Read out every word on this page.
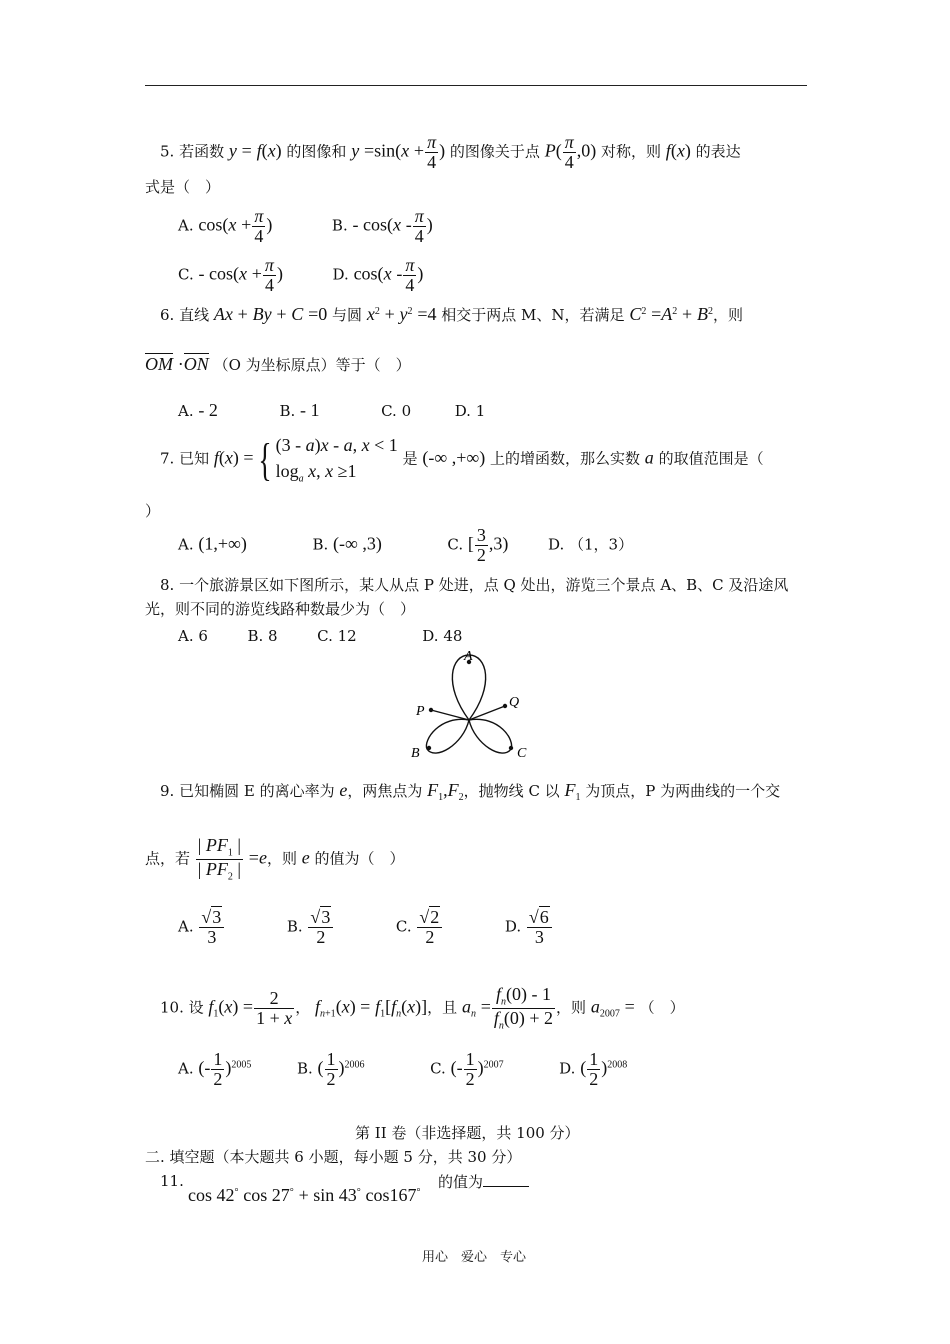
5. 若函数 y = f(x) 的图像和 $y =\sin(x + \frac{\pi}{4}$ ) 的图像关于点 $P( \frac{\pi}{4} ,0)$ 对称，则 f(x) 的表达
式是（　）
A. $\cos(x + \frac{\pi}{4}$ )	B. - $\cos(x - \frac{\pi}{4}$ )
C. - $\cos(x + \frac{\pi}{4}$ )	D. $\cos(x - \frac{\pi}{4}$ )
6. 直线 Ax + By + C =0 与圆 $x^2 + y^2 =4$ 相交于两点 M、N，若满足 $C^2 =A^2 + B^2$，则
OM ·ON （O 为坐标原点）等于（　）
A. - 2	B. - 1	C. 0	D. 1
7. 已知 f(x) ={ (3 - a)x - a, x < 1
$\log_a x$, x ≥1
是 (-∞ ,+∞) 上的增函数，那么实数 a 的取值范围是（
）
A. (1,+∞)	B. (-∞ ,3)	C. [ $\frac{3}{2} ,3$)	D. （1，3）
8. 一个旅游景区如下图所示，某人从点 P 处进，点 Q 处出，游览三个景点 A、B、C 及沿途风
光，则不同的游览线路种数最少为（　）
A. 6	B. 8	C. 12	D. 48
A
P
Q
B	C
9. 已知椭圆 E 的离心率为 e，两焦点为 $F_1,F_2$，抛物线 C 以 $F_1$ 为顶点，P 为两曲线的一个交
点，若 $\frac{| PF_1 |}{| PF_2 |} =e$，则 e 的值为（　）
A. $\frac{√3}{3}$	B. $\frac{√3}{2}$	C. $\frac{√2}{2}$	D. $\frac{√6}{3}$
10. 设 $f_1(x) = \frac{2}{1 + x}$ ， $f_{n+1}(x) = f_1[f_n(x)]$，且 $a_n = \frac{f_n(0) - 1}{f_n(0) + 2}$ ，则 $a_{2007}$ = （　）
A. (- $\frac{1}{2} )^{2005}$	B. ( $\frac{1}{2} )^{2006}$	C. (- $\frac{1}{2} )^{2007}$	D. ( $\frac{1}{2} )^{2008}$
第 II 卷（非选择题，共 100 分）
二. 填空题（本大题共 6 小题，每小题 5 分，共 30 分）
11.
cos 42° cos 27° + sin 43° cos167°
的值为
用心　爱心　专心
